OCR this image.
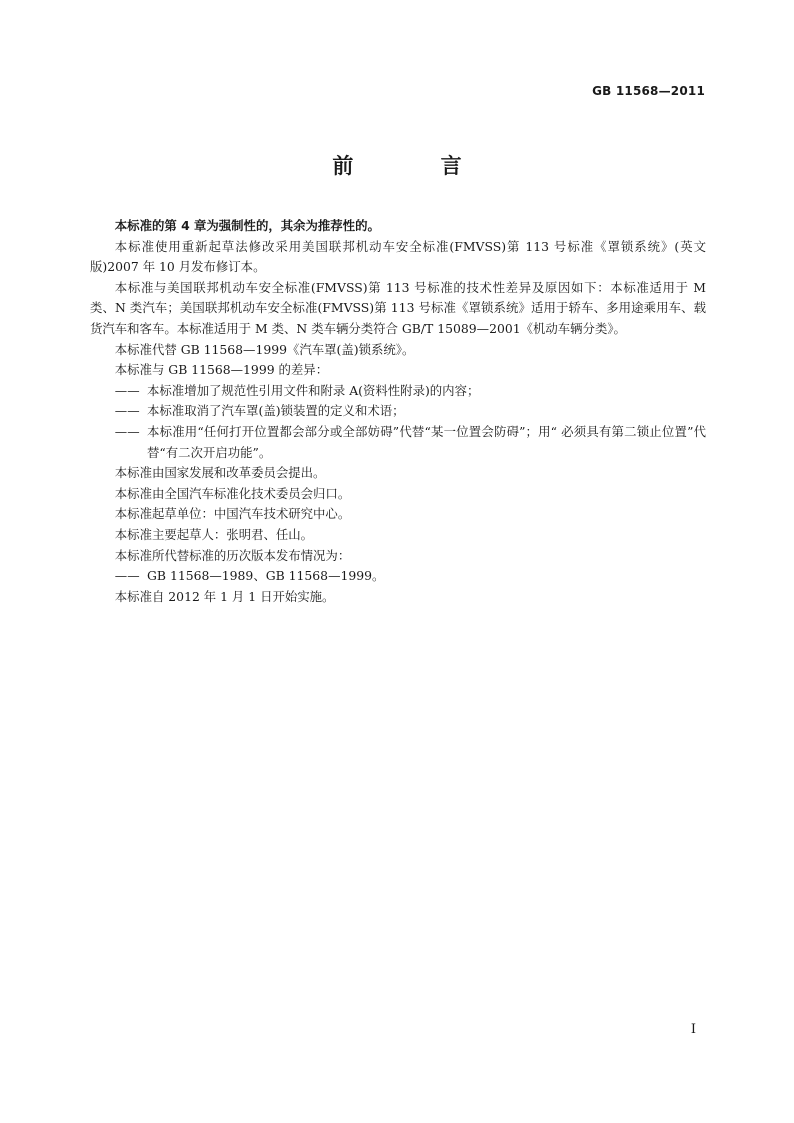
GB 11568—2011
前 言

本标准的第 4 章为强制性的，其余为推荐性的。

本标准使用重新起草法修改采用美国联邦机动车安全标准(FMVSS)第 113 号标准《罩锁系统》(英文版)2007 年 10 月发布修订本。

本标准与美国联邦机动车安全标准(FMVSS)第 113 号标准的技术性差异及原因如下：本标准适用于 M 类、N 类汽车；美国联邦机动车安全标准(FMVSS)第 113 号标准《罩锁系统》适用于轿车、多用途乘用车、载货汽车和客车。本标准适用于 M 类、N 类车辆分类符合 GB/T 15089—2001《机动车辆分类》。

本标准代替 GB 11568—1999《汽车罩(盖)锁系统》。

本标准与 GB 11568—1999 的差异：

—— 本标准增加了规范性引用文件和附录 A(资料性附录)的内容；

—— 本标准取消了汽车罩(盖)锁装置的定义和术语；

—— 本标准用“任何打开位置都会部分或全部妨碍”代替“某一位置会防碍”；用“ 必须具有第二锁止位置”代替“有二次开启功能”。

本标准由国家发展和改革委员会提出。

本标准由全国汽车标准化技术委员会归口。

本标准起草单位：中国汽车技术研究中心。

本标准主要起草人：张明君、任山。

本标准所代替标准的历次版本发布情况为：

—— GB 11568—1989、GB 11568—1999。

本标准自 2012 年 1 月 1 日开始实施。

I
